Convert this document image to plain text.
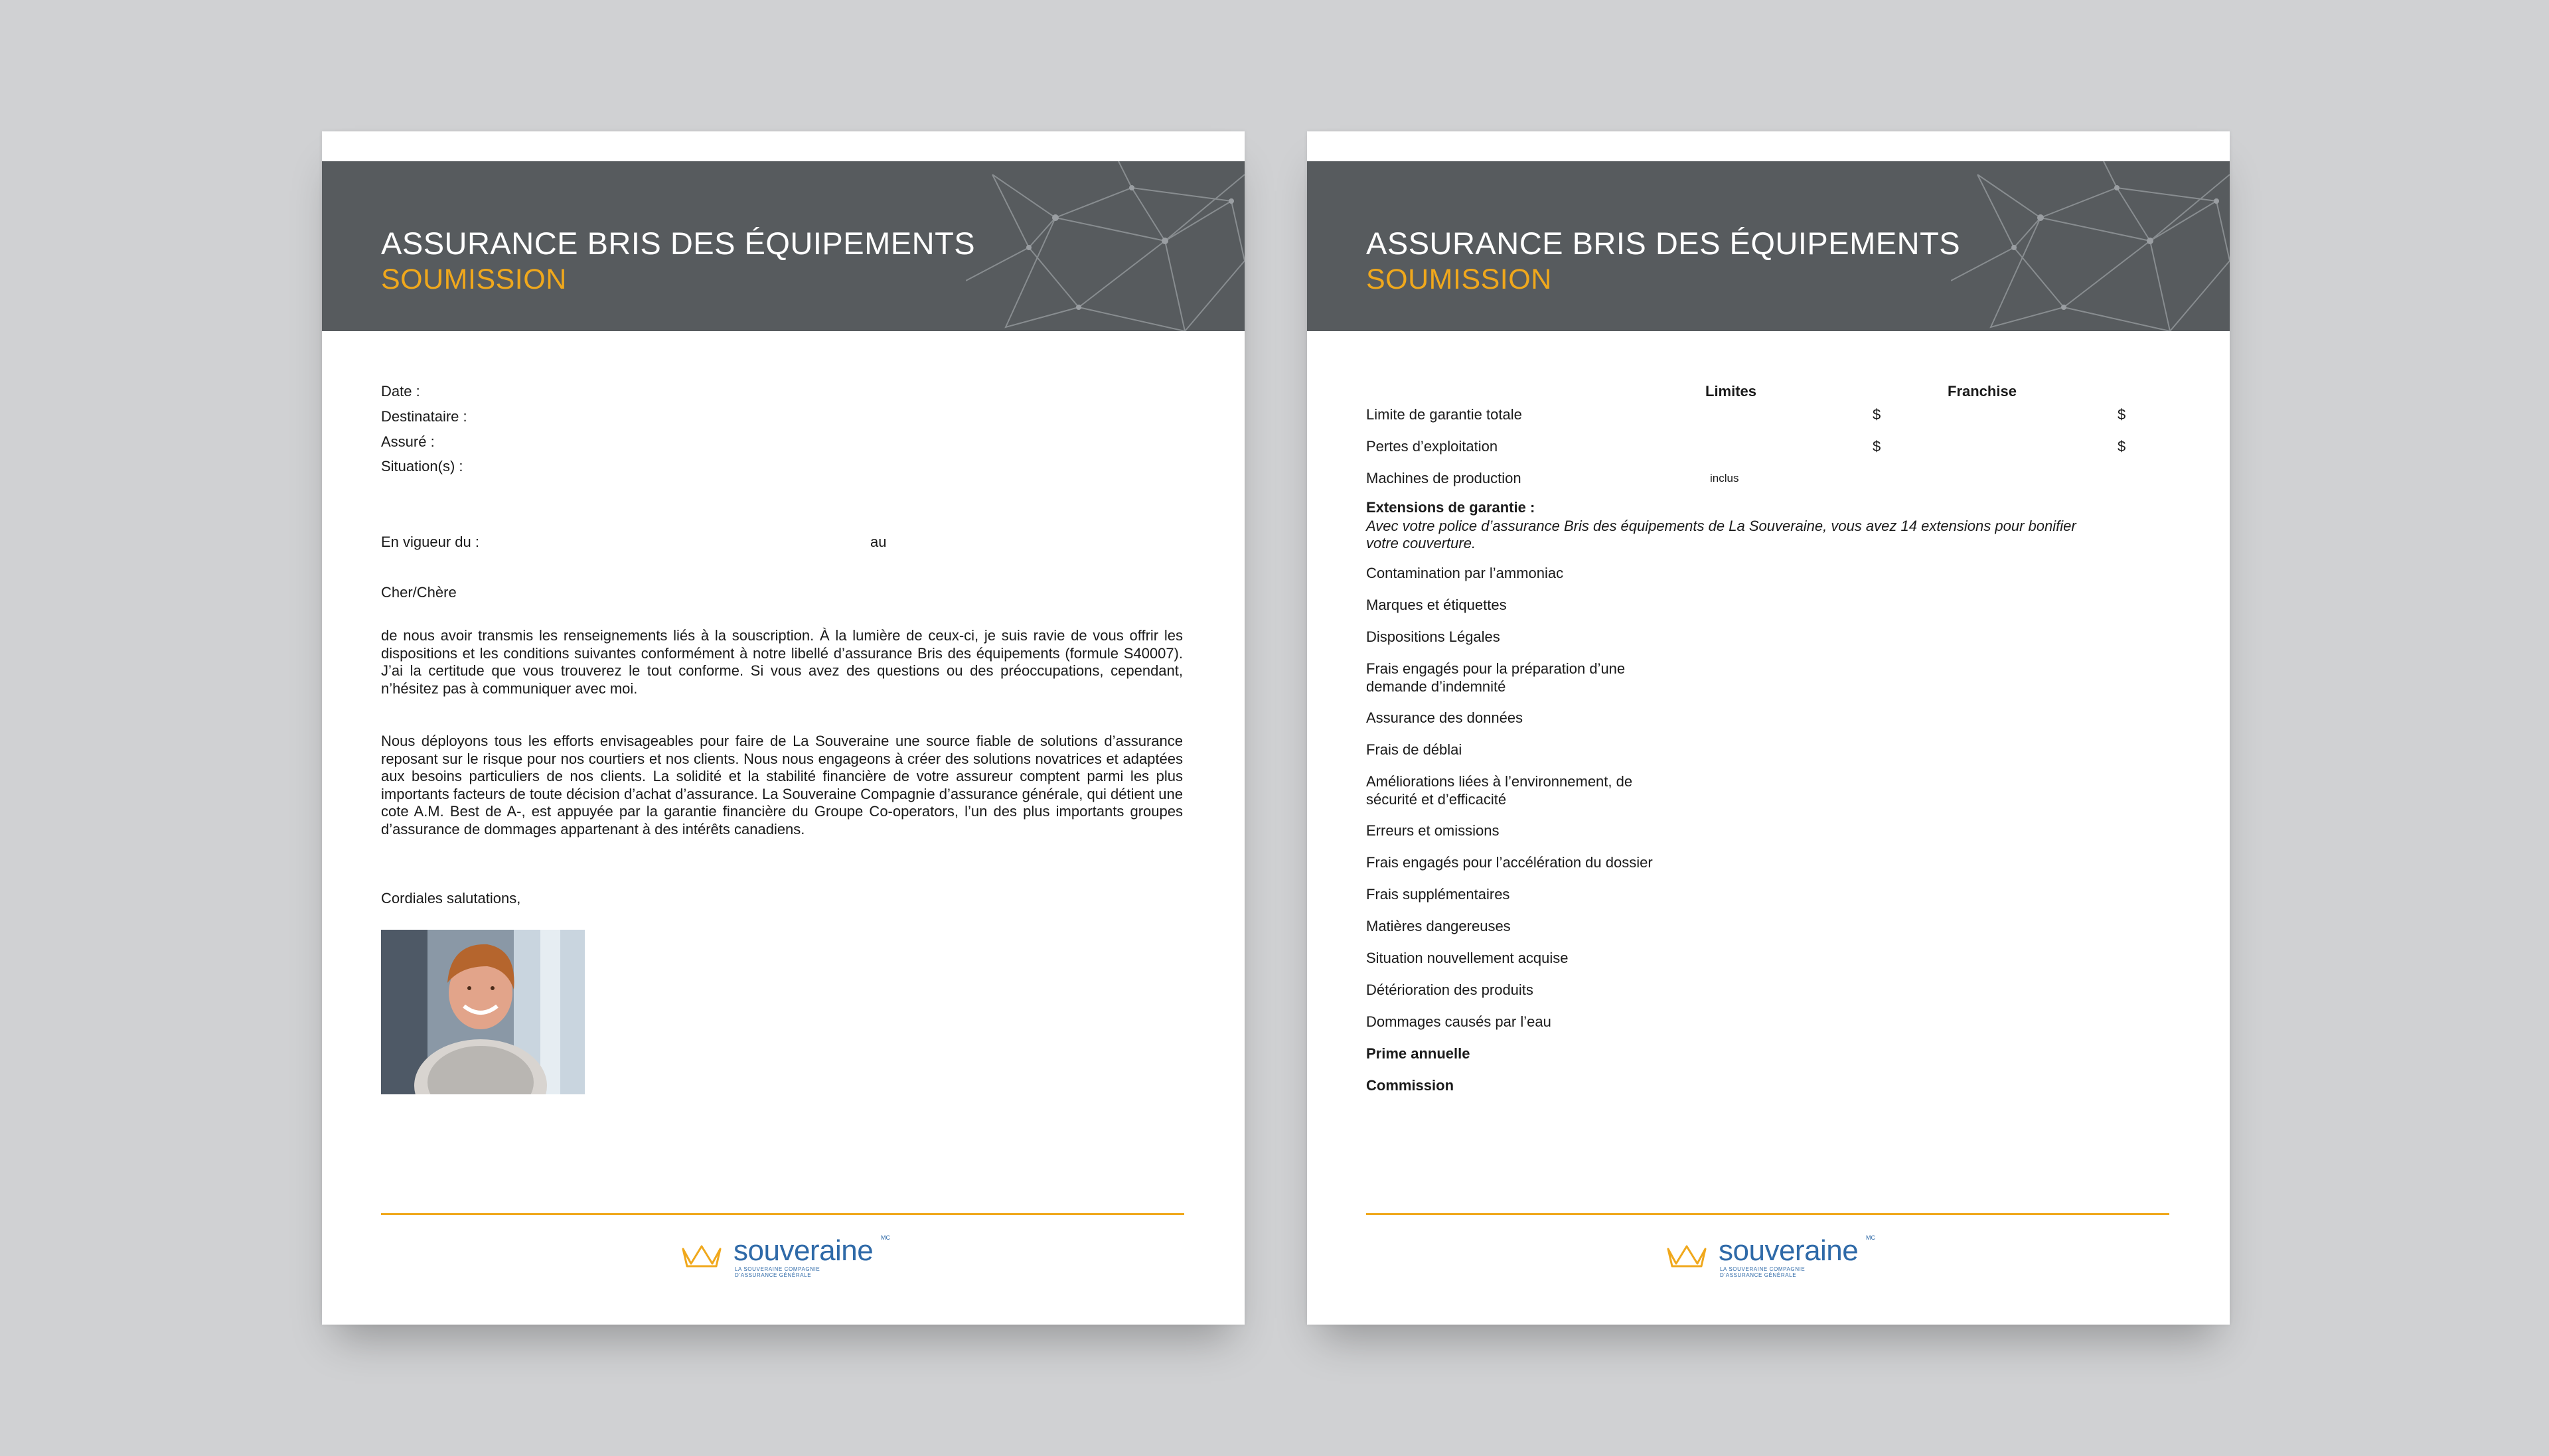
ASSURANCE BRIS DES ÉQUIPEMENTS
SOUMISSION
Date :
Destinataire :
Assuré :
Situation(s) :
En vigueur du :	au
Cher/Chère
de nous avoir transmis les renseignements liés à la souscription. À la lumière de ceux-ci, je suis ravie de vous offrir les dispositions et les conditions suivantes conformément à notre libellé d’assurance Bris des équipements (formule S40007). J’ai la certitude que vous trouverez le tout conforme. Si vous avez des questions ou des préoccupations, cependant, n’hésitez pas à communiquer avec moi.
Nous déployons tous les efforts envisageables pour faire de La Souveraine une source fiable de solutions d’assurance reposant sur le risque pour nos courtiers et nos clients. Nous nous engageons à créer des solutions novatrices et adaptées aux besoins particuliers de nos clients. La solidité et la stabilité financière de votre assureur comptent parmi les plus importants facteurs de toute décision d’achat d’assurance. La Souveraine Compagnie d’assurance générale, qui détient une cote A.M. Best de A-, est appuyée par la garantie financière du Groupe Co-operators, l’un des plus importants groupes d’assurance de dommages appartenant à des intérêts canadiens.
Cordiales salutations,
souveraine MC
LA SOUVERAINE COMPAGNIE
D’ASSURANCE GÉNÉRALE
ASSURANCE BRIS DES ÉQUIPEMENTS
SOUMISSION
Limites	Franchise
Limite de garantie totale	$	$
Pertes d’exploitation	$	$
Machines de production	inclus
Extensions de garantie :
Avec votre police d’assurance Bris des équipements de La Souveraine, vous avez 14 extensions pour bonifier
votre couverture.
Contamination par l’ammoniac
Marques et étiquettes
Dispositions Légales
Frais engagés pour la préparation d’une demande d’indemnité
Assurance des données
Frais de déblai
Améliorations liées à l’environnement, de sécurité et d’efficacité
Erreurs et omissions
Frais engagés pour l’accélération du dossier
Frais supplémentaires
Matières dangereuses
Situation nouvellement acquise
Détérioration des produits
Dommages causés par l’eau
Prime annuelle
Commission
souveraine MC
LA SOUVERAINE COMPAGNIE
D’ASSURANCE GÉNÉRALE
